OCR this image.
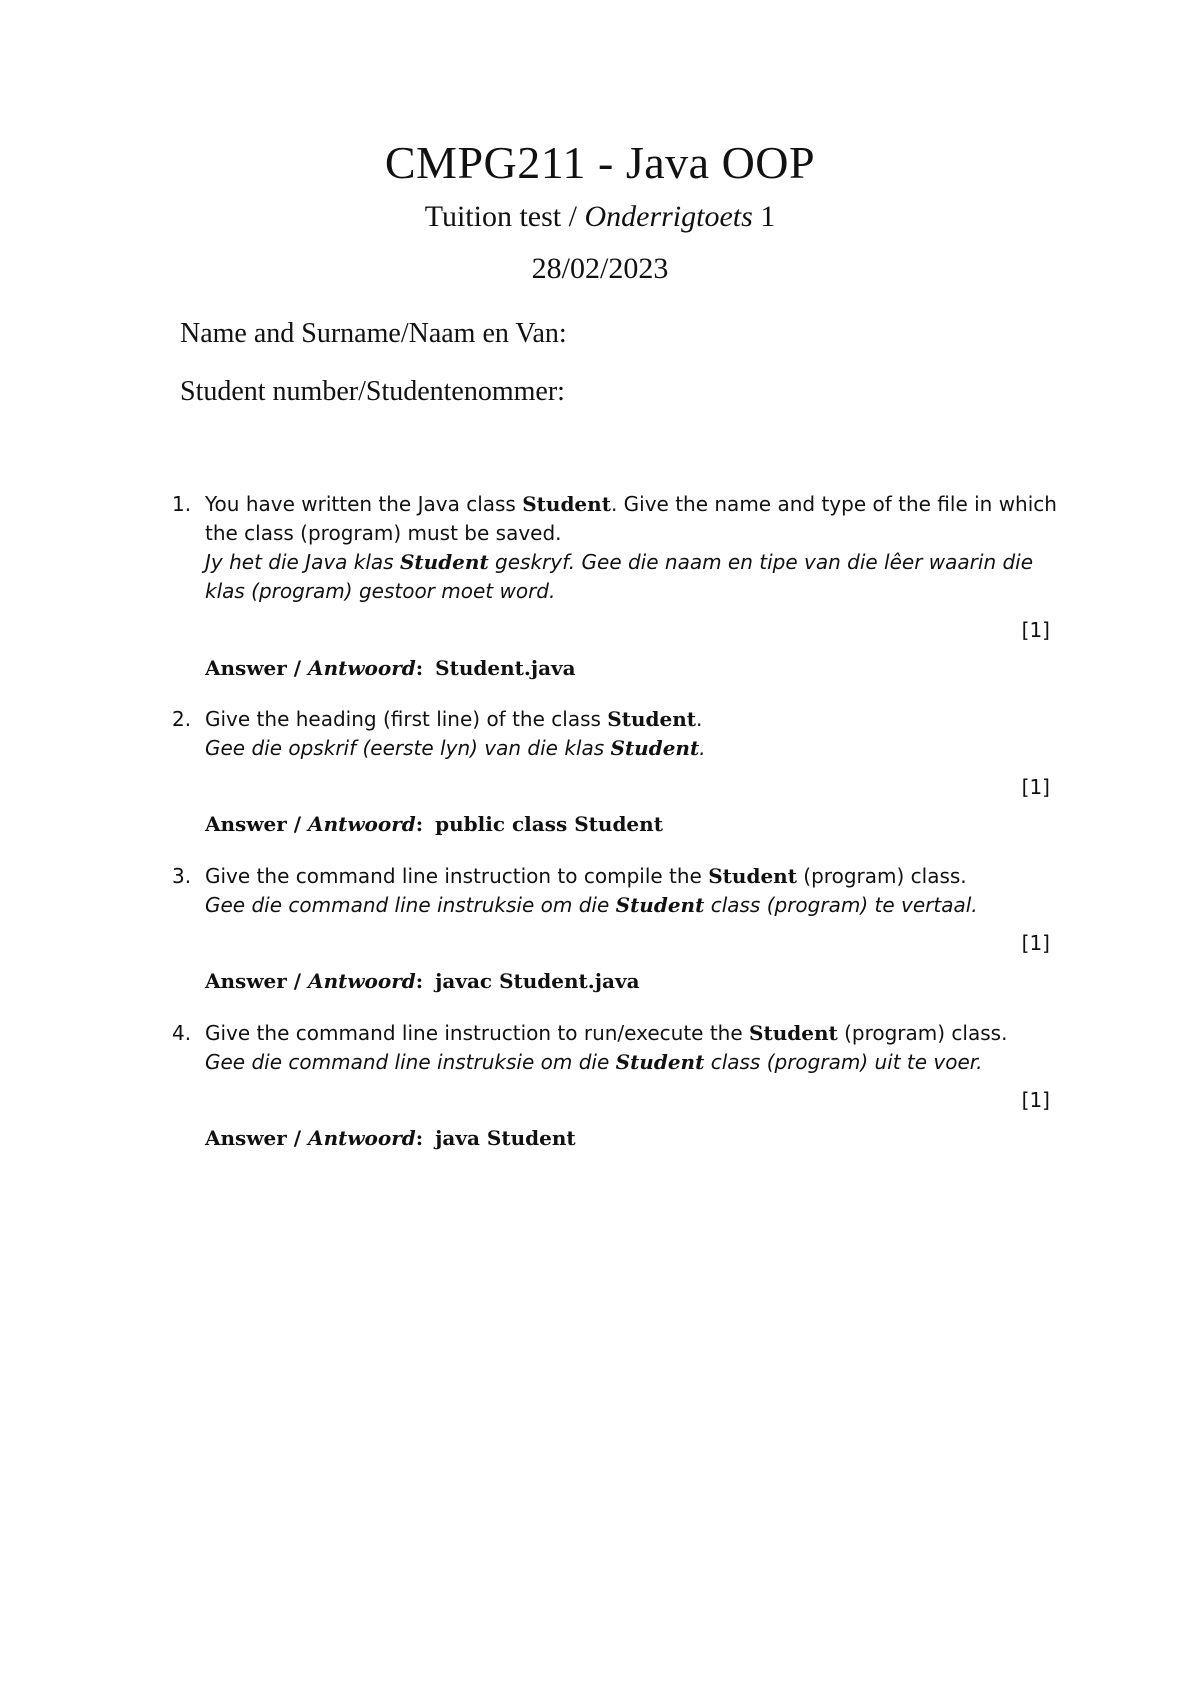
CMPG211 - Java OOP
Tuition test / Onderrigtoets 1
28/02/2023
Name and Surname/Naam en Van:
Student number/Studentenommer:
1. You have written the Java class Student. Give the name and type of the file in which the class (program) must be saved.
Jy het die Java klas Student geskryf. Gee die naam en tipe van die lêer waarin die klas (program) gestoor moet word.
[1]
Answer / Antwoord: Student.java
2. Give the heading (first line) of the class Student.
Gee die opskrif (eerste lyn) van die klas Student.
[1]
Answer / Antwoord: public class Student
3. Give the command line instruction to compile the Student (program) class.
Gee die command line instruksie om die Student class (program) te vertaal.
[1]
Answer / Antwoord: javac Student.java
4. Give the command line instruction to run/execute the Student (program) class.
Gee die command line instruksie om die Student class (program) uit te voer.
[1]
Answer / Antwoord: java Student
